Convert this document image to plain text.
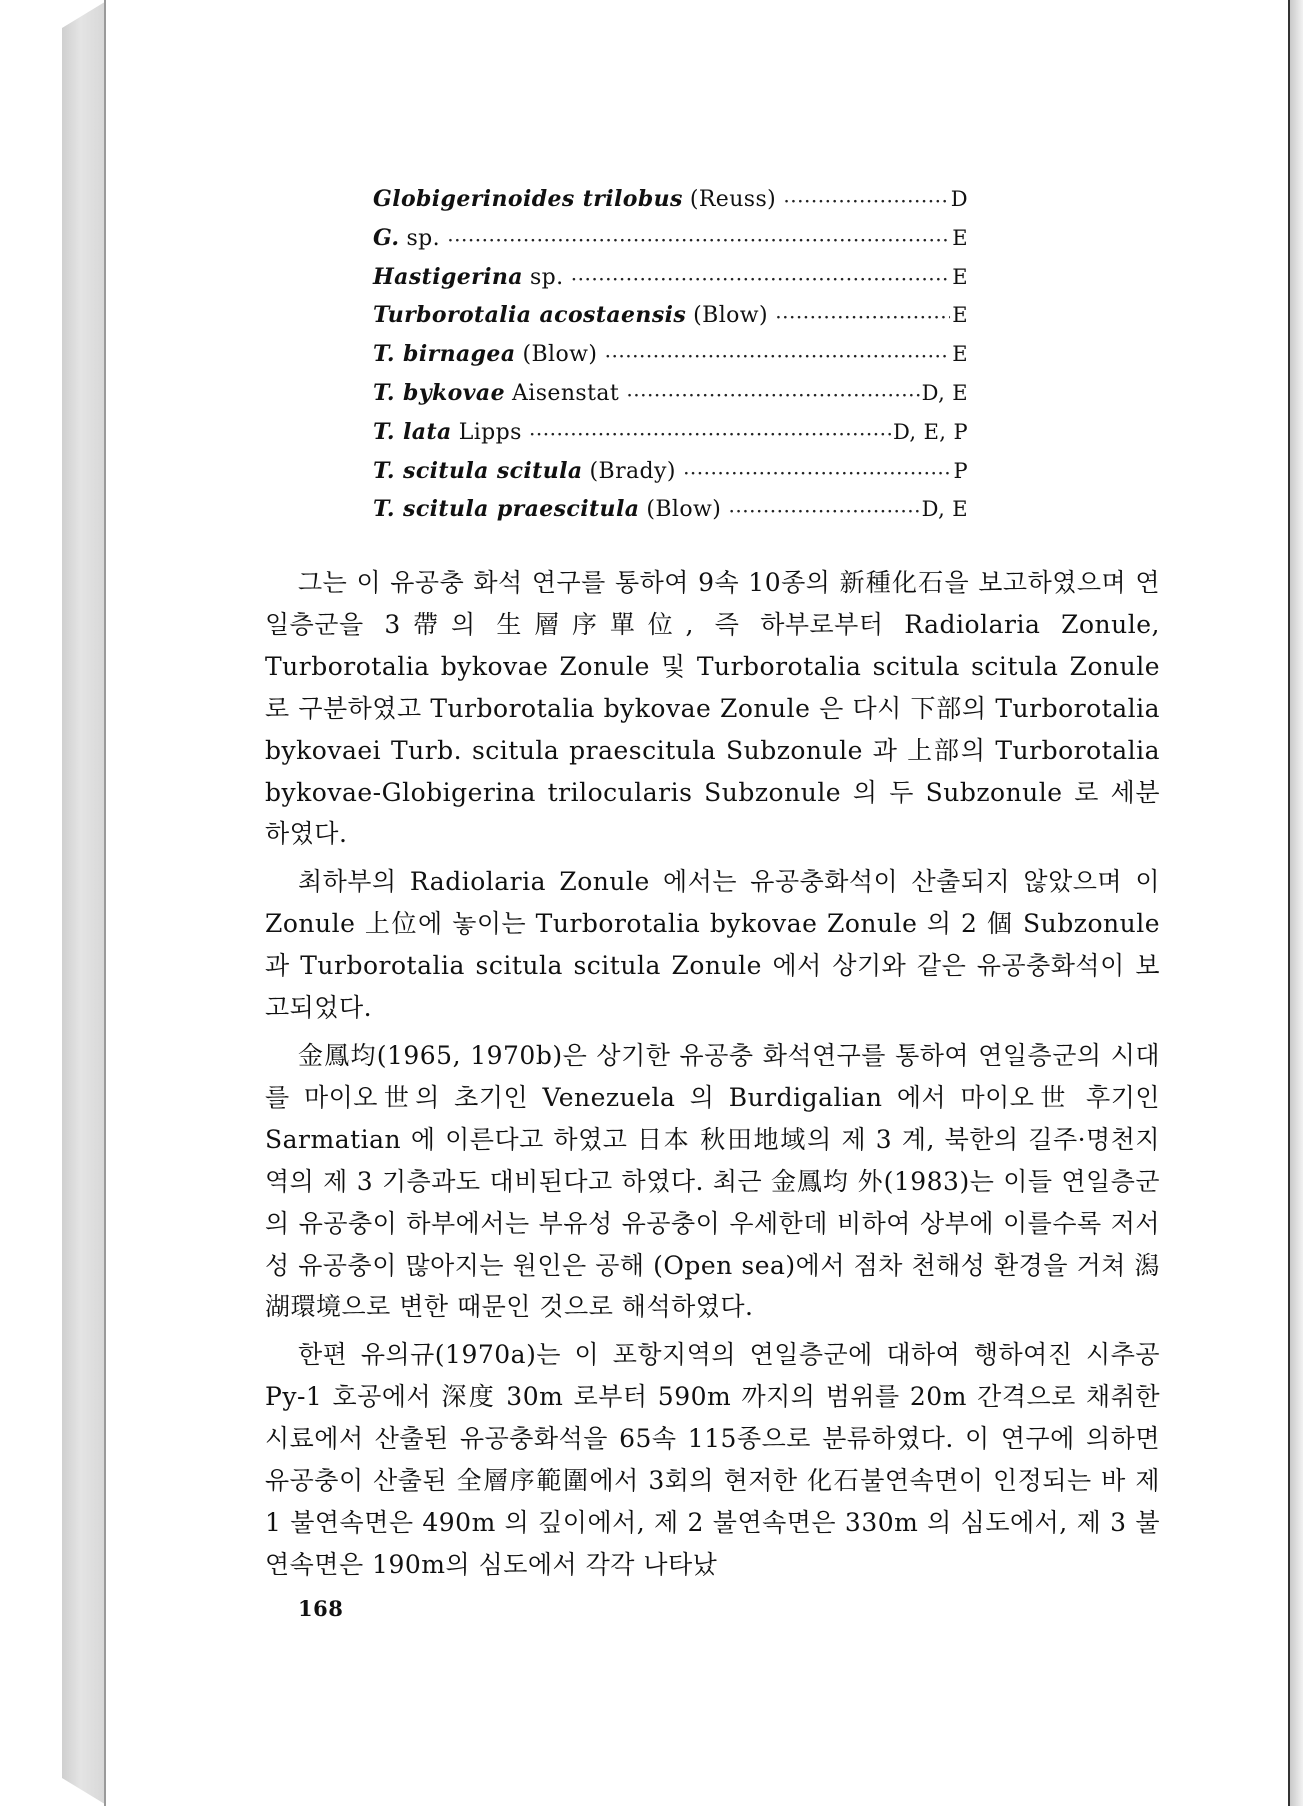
Globigerinoides trilobus (Reuss) ·····	D
G. sp. ·····	E
Hastigerina sp. ·····	E
Turborotalia acostaensis (Blow) ·····	E
T. birnagea (Blow) ·····	E
T. bykovae Aisenstat ·····	D, E
T. lata Lipps ·····	D, E, P
T. scitula scitula (Brady) ·····	P
T. scitula praescitula (Blow) ·····	D, E

그는 이 유공충 화석 연구를 통하여 9속 10종의 新種化石을 보고하였으며 연일층군을 3帶의 生層序單位, 즉 하부로부터 Radiolaria Zonule, Turborotalia bykovae Zonule 및 Turborotalia scitula scitula Zonule 로 구분하였고 Turborotalia bykovae Zonule 은 다시 下部의 Turborotalia bykovaei Turb. scitula praescitula Subzonule 과 上部의 Turborotalia bykovae-Globigerina trilocularis Subzonule 의 두 Subzonule 로 세분하였다.

최하부의 Radiolaria Zonule 에서는 유공충화석이 산출되지 않았으며 이 Zonule 上位에 놓이는 Turborotalia bykovae Zonule 의 2 個 Subzonule 과 Turborotalia scitula scitula Zonule 에서 상기와 같은 유공충화석이 보고되었다.

金鳳均(1965, 1970b)은 상기한 유공충 화석연구를 통하여 연일층군의 시대를 마이오世의 초기인 Venezuela 의 Burdigalian 에서 마이오世 후기인 Sarmatian 에 이른다고 하였고 日本 秋田地域의 제 3 계, 북한의 길주·명천지역의 제 3 기층과도 대비된다고 하였다. 최근 金鳳均 外(1983)는 이들 연일층군의 유공충이 하부에서는 부유성 유공충이 우세한데 비하여 상부에 이를수록 저서성 유공충이 많아지는 원인은 공해 (Open sea)에서 점차 천해성 환경을 거쳐 潟湖環境으로 변한 때문인 것으로 해석하였다.

한편 유의규(1970a)는 이 포항지역의 연일층군에 대하여 행하여진 시추공 Py-1 호공에서 深度 30m 로부터 590m 까지의 범위를 20m 간격으로 채취한 시료에서 산출된 유공충화석을 65속 115종으로 분류하였다. 이 연구에 의하면 유공충이 산출된 全層序範圍에서 3회의 현저한 化石불연속면이 인정되는 바 제 1 불연속면은 490m 의 깊이에서, 제 2 불연속면은 330m 의 심도에서, 제 3 불연속면은 190m의 심도에서 각각 나타났

168
